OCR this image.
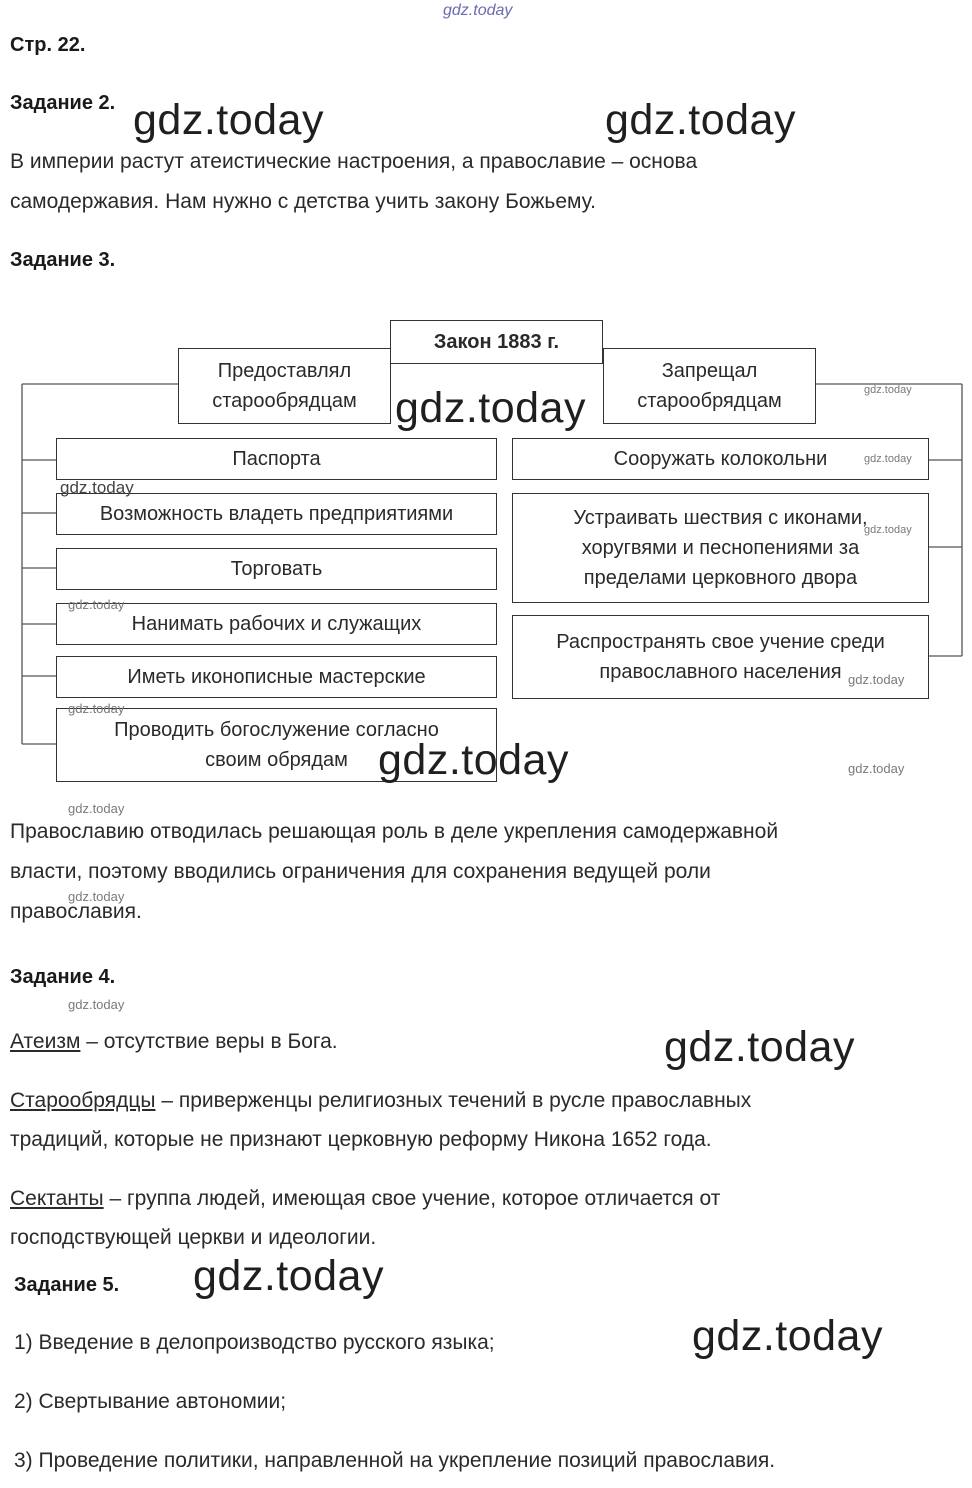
gdz.today
Стр. 22.
Задание 2.
В империи растут атеистические настроения, а православие – основа
самодержавия. Нам нужно с детства учить закону Божьему.
Задание 3.
Закон 1883 г.
Предоставлял
старообрядцам
Запрещал
старообрядцам
Паспорта
Возможность владеть предприятиями
Торговать
Нанимать рабочих и служащих
Иметь иконописные мастерские
Проводить богослужение согласно
своим обрядам
Сооружать колокольни
Устраивать шествия с иконами,
хоругвями и песнопениями за
пределами церковного двора
Распространять свое учение среди
православного населения
Православию отводилась решающая роль в деле укрепления самодержавной
власти, поэтому вводились ограничения для сохранения ведущей роли
православия.
Задание 4.
Атеизм – отсутствие веры в Бога.
Старообрядцы – приверженцы религиозных течений в русле православных
традиций, которые не признают церковную реформу Никона 1652 года.
Сектанты – группа людей, имеющая свое учение, которое отличается от
господствующей церкви и идеологии.
Задание 5.
1) Введение в делопроизводство русского языка;
2) Свертывание автономии;
3) Проведение политики, направленной на укрепление позиций православия.
gdz.today	gdz.today
gdz.today
gdz.today
gdz.today
gdz.today
gdz.today
gdz.today
gdz.today
gdz.today
gdz.today
gdz.today
gdz.today
gdz.today
gdz.today
gdz.today
gdz.today
gdz.today
